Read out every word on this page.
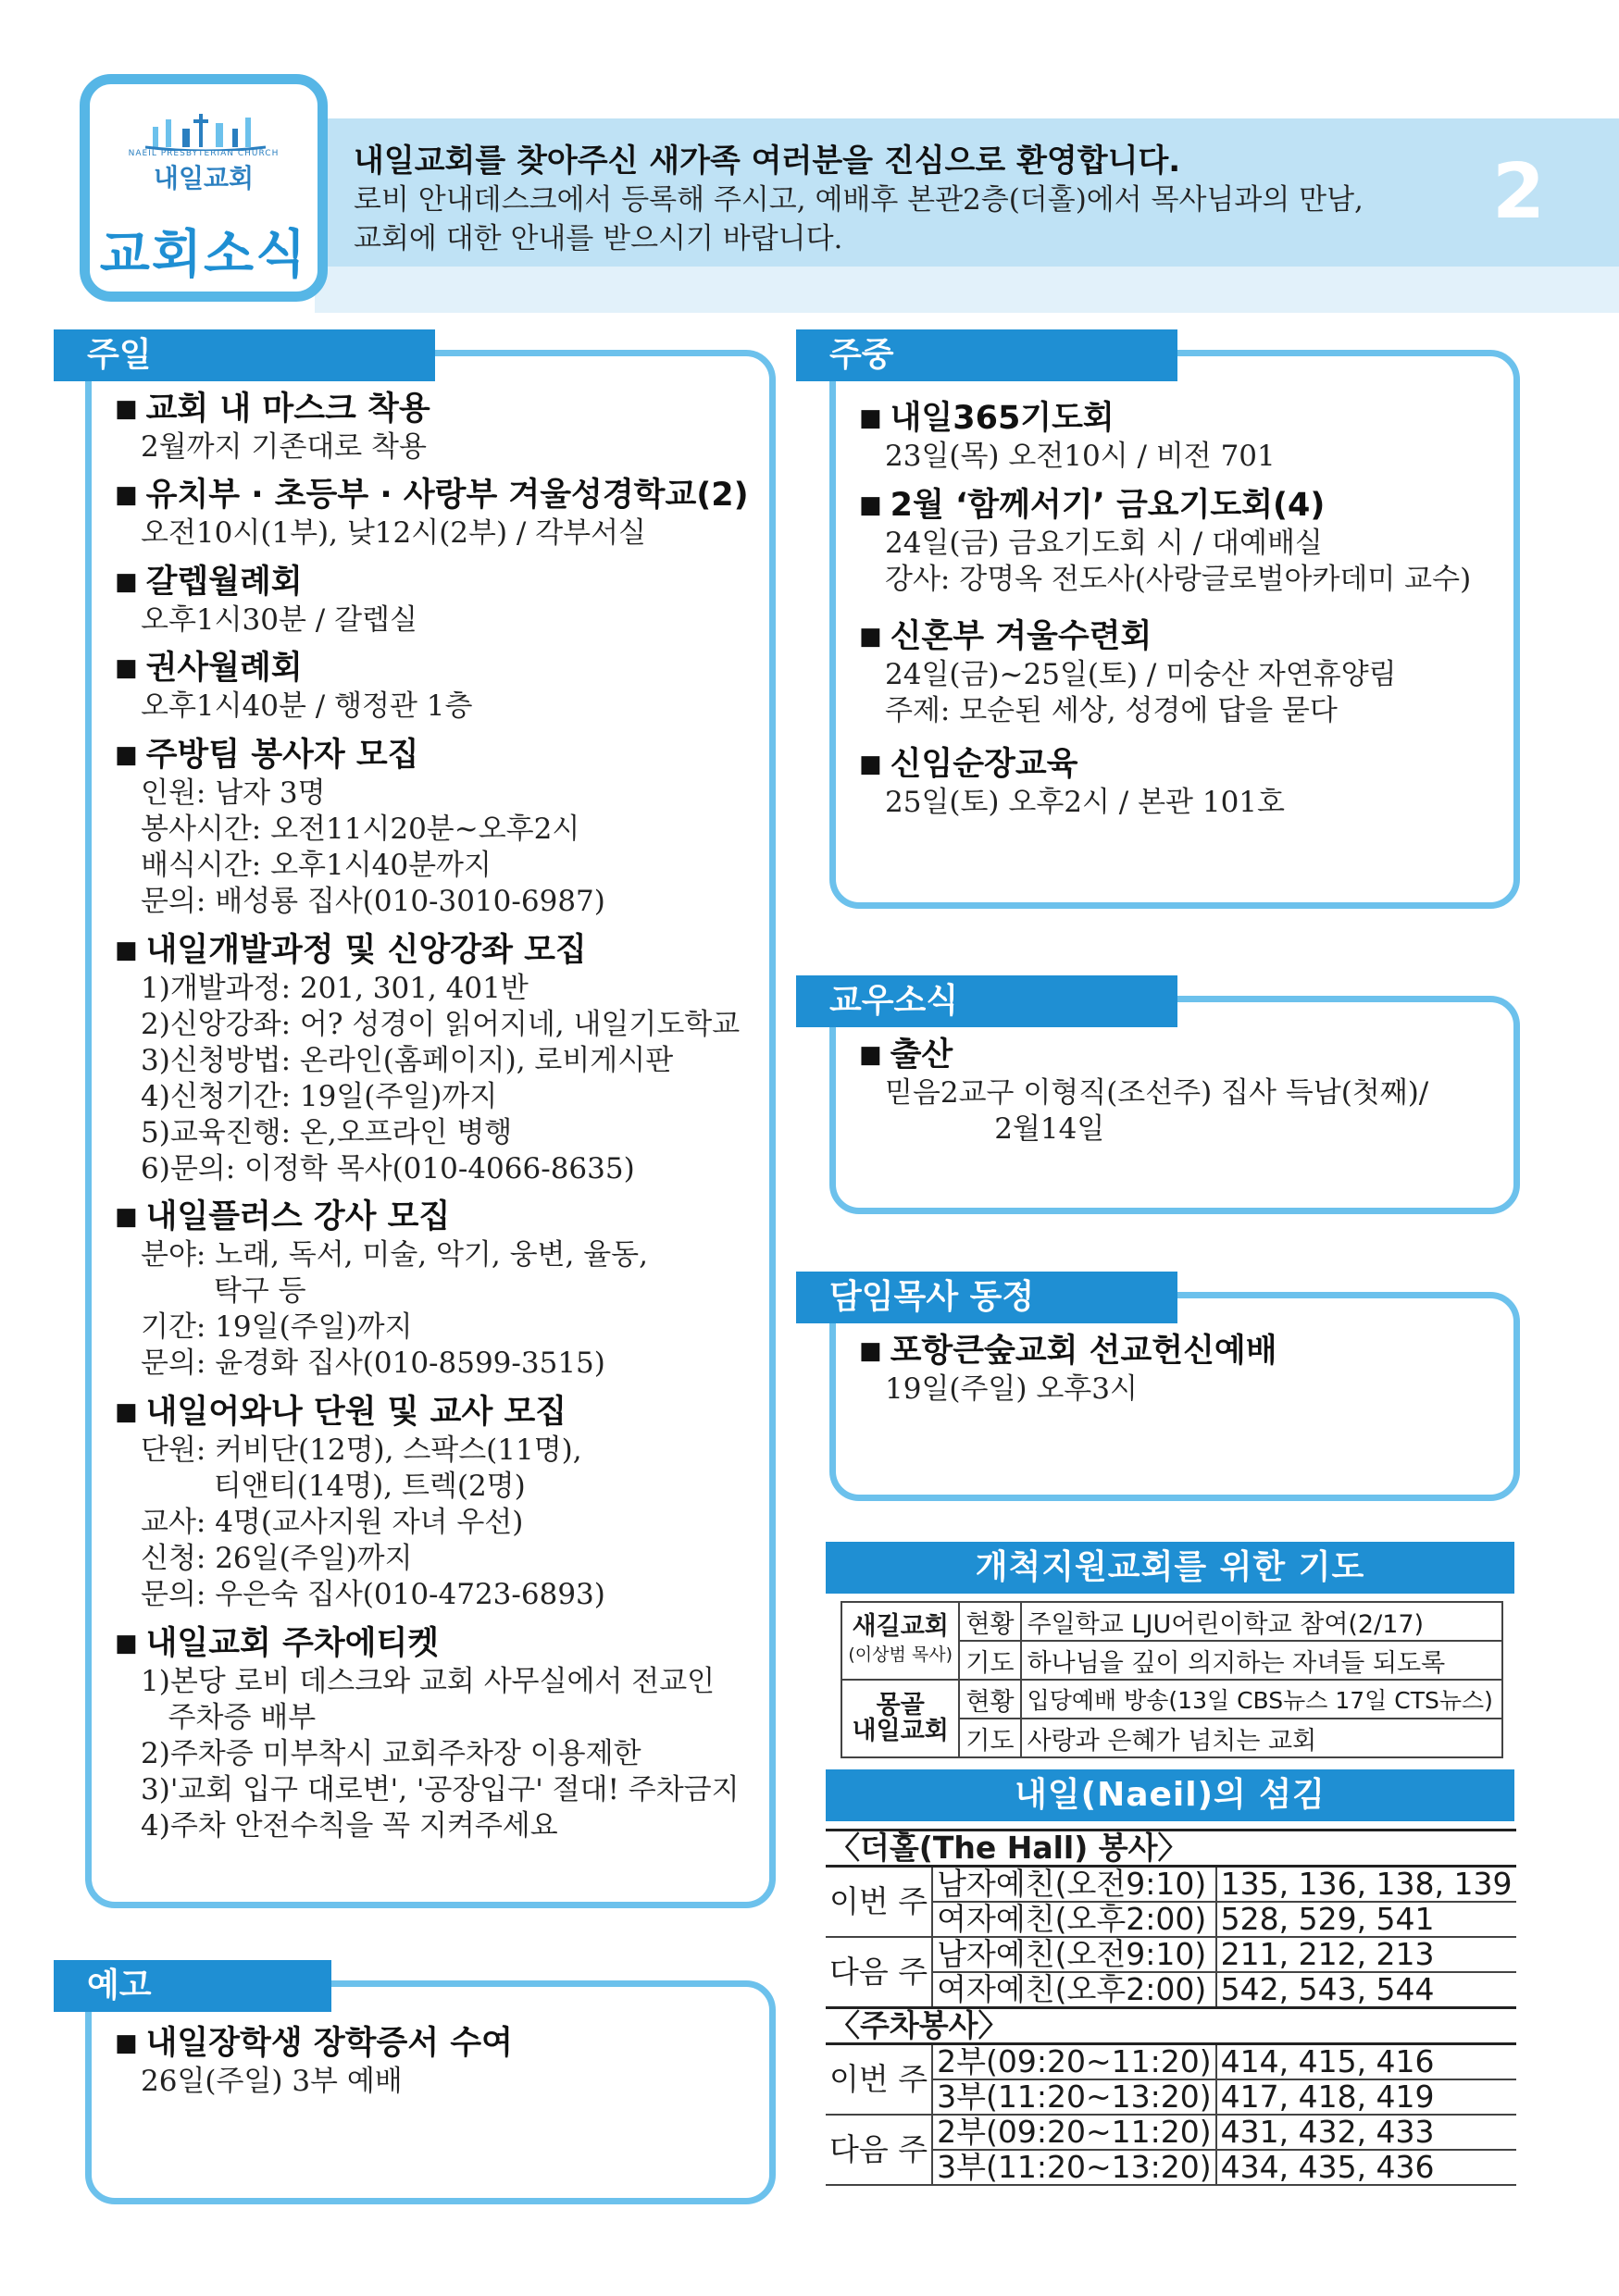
NAEIL PRESBYTERIAN CHURCH
내일교회
교회소식
내일교회를 찾아주신 새가족 여러분을 진심으로 환영합니다.
로비 안내데스크에서 등록해 주시고, 예배후 본관2층(더홀)에서 목사님과의 만남,
교회에 대한 안내를 받으시기 바랍니다.
2
주일
■ 교회 내 마스크 착용
2월까지 기존대로 착용
■ 유치부 · 초등부 · 사랑부 겨울성경학교(2)
오전10시(1부), 낮12시(2부) / 각부서실
■ 갈렙월례회
오후1시30분 / 갈렙실
■ 권사월례회
오후1시40분 / 행정관 1층
■ 주방팀 봉사자 모집
인원: 남자 3명
봉사시간: 오전11시20분~오후2시
배식시간: 오후1시40분까지
문의: 배성룡 집사(010-3010-6987)
■ 내일개발과정 및 신앙강좌 모집
1)개발과정: 201, 301, 401반
2)신앙강좌: 어? 성경이 읽어지네, 내일기도학교
3)신청방법: 온라인(홈페이지), 로비게시판
4)신청기간: 19일(주일)까지
5)교육진행: 온,오프라인 병행
6)문의: 이정학 목사(010-4066-8635)
■ 내일플러스 강사 모집
분야: 노래, 독서, 미술, 악기, 웅변, 율동,
탁구 등
기간: 19일(주일)까지
문의: 윤경화 집사(010-8599-3515)
■ 내일어와나 단원 및 교사 모집
단원: 커비단(12명), 스팍스(11명),
티앤티(14명), 트렉(2명)
교사: 4명(교사지원 자녀 우선)
신청: 26일(주일)까지
문의: 우은숙 집사(010-4723-6893)
■ 내일교회 주차에티켓
1)본당 로비 데스크와 교회 사무실에서 전교인
주차증 배부
2)주차증 미부착시 교회주차장 이용제한
3)'교회 입구 대로변', '공장입구' 절대! 주차금지
4)주차 안전수칙을 꼭 지켜주세요
예고
■ 내일장학생 장학증서 수여
26일(주일) 3부 예배
주중
■ 내일365기도회
23일(목) 오전10시 / 비전 701
■ 2월 ‘함께서기’ 금요기도회(4)
24일(금) 금요기도회 시 / 대예배실
강사: 강명옥 전도사(사랑글로벌아카데미 교수)
■ 신혼부 겨울수련회
24일(금)~25일(토) / 미숭산 자연휴양림
주제: 모순된 세상, 성경에 답을 묻다
■ 신임순장교육
25일(토) 오후2시 / 본관 101호
교우소식
■ 출산
믿음2교구 이형직(조선주) 집사 득남(첫째)/
2월14일
담임목사 동정
■ 포항큰숲교회 선교헌신예배
19일(주일) 오후3시
개척지원교회를 위한 기도
새길교회
(이상범 목사)	현황	주일학교 LJU어린이학교 참여(2/17)
	기도	하나님을 깊이 의지하는 자녀들 되도록
몽골
내일교회	현황	입당예배 방송(13일 CBS뉴스 17일 CTS뉴스)
	기도	사랑과 은혜가 넘치는 교회
내일(Naeil)의 섬김
〈더홀(The Hall) 봉사〉		
이번 주	남자예친(오전9:10)	135, 136, 138, 139
	여자예친(오후2:00)	528, 529, 541
다음 주	남자예친(오전9:10)	211, 212, 213
	여자예친(오후2:00)	542, 543, 544
〈주차봉사〉		
이번 주	2부(09:20~11:20)	414, 415, 416
	3부(11:20~13:20)	417, 418, 419
다음 주	2부(09:20~11:20)	431, 432, 433
	3부(11:20~13:20)	434, 435, 436
